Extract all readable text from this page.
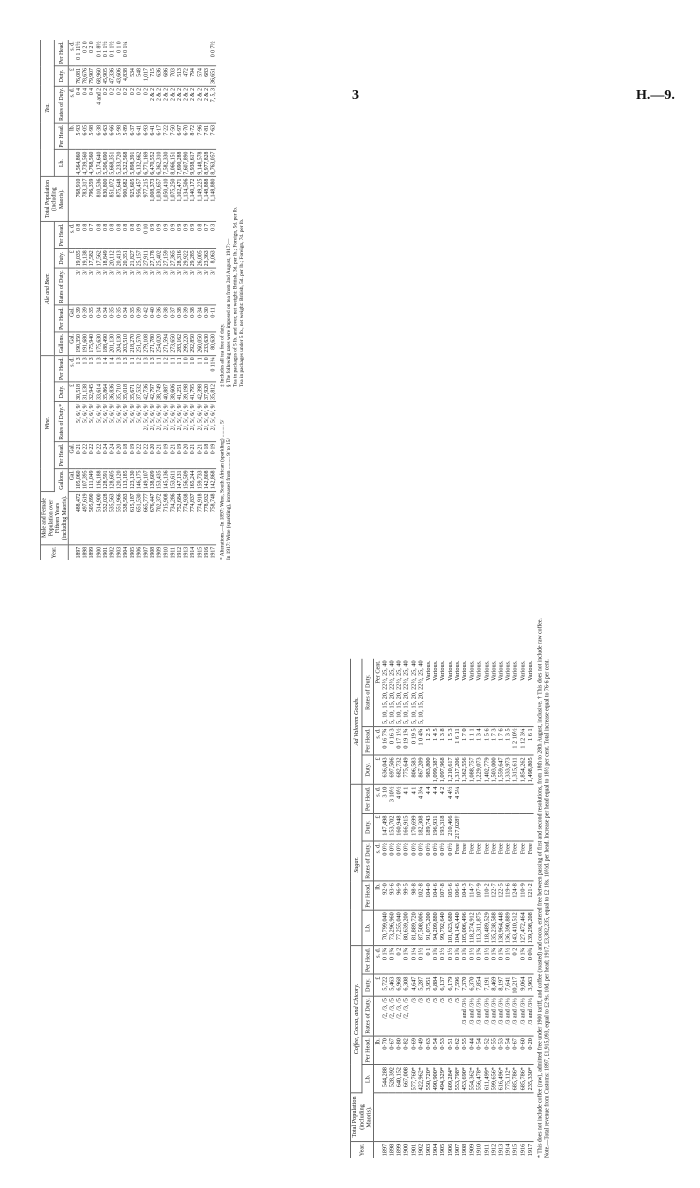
3	H.—9.
Year.	Male and Female Population over Fifteen Years (including Maoris).	Wine.					Ale and Beer.					Total Population (including Maoris).	Tea.				
		Gallons.	Per Head.	Rates of Duty.*	Duty.	Per Head.	Gallons.	Per Head.	Rates of Duty.	Duty.	Per Head.		Lb.	Per Head.	Rates of Duty.	Duty.	Per Head.
		Gal.	Gal.		£	s. d.	Gal.	Gal.		£	s. d.			lb.	s. d.	£	s. d.
1897	488,472	105,060	0·21	5/, 6/, 9/	30,518	1 3	190,350	0·39	3/	19,035	0 8	768,910	4,564,860	5·93	0 4	76,081	0 1 11½
1898	497,619	107,395	0·22	5/, 6/, 9/	31,138	1 3	191,680	0·39	3/	19,138	0 8	783,317	4,739,560	6·05	0 4	78,676	0 2 0
1899	505,890	111,049	0·22	5/, 6/, 9/	32,945	1 3	175,940	0·35	3/	17,582	0 7	796,359	4,768,560	5·98	0 4	79,907	0 2 0
1900	514,900	116,188	0·22	5/, 6/, 9/	33,614	1 3	175,630	0·34	3/	17,562	0 8	810,536	5,174,640	6·38	4 and 2	68,960	0 1 8½
1901	532,028	128,591	0·24	5/, 6/, 9/	35,864	1 4	188,490	0·34	3/	18,849	0 8	830,800	5,506,690	6·63	0 2	45,905	0 1 1½
1902	535,563	128,605	0·24	5/, 6/, 9/	36,836	1 4	201,130	0·35	3/	20,112	0 8	851,072	5,668,351	6·66	0 2	47,336	0 1 1½
1903	551,966	120,120	0·20	5/, 6/, 9/	35,710	1 3	204,130	0·35	3/	20,413	0 8	875,648	5,233,720	5·98	0 2	43,606	0 1 0
1904	538,583	113,185	0·18	5/, 6/, 9/	35,018	1 3	203,510	0·34	3/	20,351	0 8	900,682	5,322,568	5·89	0 2	4,838	0 0 1¼
1905	615,187	123,130	0·19	5/, 6/, 9/	35,671	1 1	218,270	0·35	3/	21,827	0 8	925,605	5,898,391	6·37	0 2	534	
1906	651,530	146,175	0·22	5/, 6/, 9/	37,532	1 2	251,570	0·39	3/	25,157	0 9	956,457	6,132,662	6·41	0 2	548	
1907	665,777	149,107	0·22	2/, 5/, 6/, 9/	42,736	1 3	279,108	0·42	3/	27,911	0 10	977,215	6,771,169	6·93	0 2	1,017	
1908	676,447	138,609	0·20	2/, 5/, 6/, 9/	42,797	1 3	271,780	0·40	3/	27,178	0 9	1,008,373	6,470,552	6·41	2 & 2	715	
1909	702,372	153,435	0·21	2/, 5/, 6/, 9/	38,749	1 1	254,020	0·36	3/	25,402	0 9	1,030,657	6,362,310	6·17	2 & 2	636	
1910	715,908	145,136	0·19	2/, 5/, 6/, 9/	40,887	1 2	271,594	0·38	3/	27,159	0 9	1,050,410	7,582,330	7·22	2 & 2	686	
1911	734,286	153,611	0·21	2/, 5/, 6/, 9/	38,606	1 1	273,650	0·37	3/	27,365	0 9	1,075,250	8,066,151	7·50	2 & 2	703	
1912	752,684	147,131	0·19	2/, 5/, 6/, 9/	41,251	1 1	283,162	0·38	3/	28,316	0 9	1,102,471	7,690,288	6·97	2 & 2	513	
1913	774,938	156,509	0·20	2/, 5/, 6/, 9/	39,198	1 0	299,220	0·39	3/	29,922	0 9	1,134,506	7,607,890	6·70	2 & 2	472	
1914	774,837	165,244	0·21	2/, 5/, 6/, 9/	41,795	1 0	292,850	0·38	3/	29,285	0 9	1,140,172	9,938,617	8·72	2 & 2	794	
1915	774,918	159,733	0·21	2/, 5/, 6/, 9/	42,398	1 1	260,050	0·34	3/	26,005	0 8	1,149,225	9,148,578	7·96	2 & 2	574	
1916	778,932	142,808	0·18	2/, 5/, 6/, 9/	37,920	1 0	233,630	0·30	3/	23,363	0 7	1,148,888	8,977,828	7·81	2 & 2	683	
1917	758,748	142,868	0·19	2/, 5/, 6/, 9/	35,812	0 11¼	80,630	0·11	3/	8,063	0 3	1,148,880	8,763,057	7·63	7, 5, 3	36,651	0 0 7½
* Alterations.—In 1897: Wine, South African (sparkling) ......... 5/ In 1917: Wine (sparkling), increased from ......... 9/ to 15/
‡ Includes all tea free of duty. § The following rates were imposed on tea from 2nd August, 1917:— Tea in packages of 5 lb. and over, net weight: British, 3d. per lb.; Foreign, 5d. per lb. Tea in packages under 5 lb., net weight: British, 5d. per lb.; Foreign, 7d. per lb.
Year.	Total Population (including Maoris).	Coffee, Cocoa, and Chicory.					Sugar.					Ad Valorem Goods.		
		Lb.	Per Head.	Rates of Duty.	Duty.	Per Head.	Lb.	Per Head.	Rates of Duty.	Duty.	Per Head.	Duty.	Per Head.	Rates of Duty.
			lb.		£	s. d.		lb.	s. d.	£	s. d.	£	s. d.	Per Cent.
1897		544,288	0·70	/2, /3, /5	5,722	0 1¾	70,799,040	92·0	0 0½	147,498	3 10	636,043	0 16 7¾	5, 10, 15, 20, 22½, 25, 40
1898		528,392	0·67	/2, /3, /5	5,463	0 1¾	73,296,960	93·6	0 0½	153,702	3 10½	697,506	0 16 3	5, 10, 15, 20, 22½, 25, 40
1899		640,152	0·80	/2, /3, /5	6,968	0 2	77,255,040	96·9	0 0½	160,948	4 0½	682,732	0 17 1½	5, 10, 15, 20, 22½, 25, 40
1900		667,008	0·82	/2, /3, /5	6,308	0 1¾	80,639,200	99·5	0 0½	166,915	4 1	775,649	0 19 1¾	5, 10, 15, 20, 22½, 25, 40
1901		577,760*	0·69	/3	4,647	0 1¼	81,889,720	98·8	0 0½	170,699	4 1	806,583	0 19 5	5, 10, 15, 20, 22½, 25, 40
1902		422,962*	0·49	/3	5,287	0 1½	87,508,006	102·8	0 0½	182,308	4 3¼	867,209	1 0 4¾	5, 10, 15, 20, 22½, 25, 40
1903		550,720*	0·63	/3	3,951	0 1	91,075,200	104·0	0 0½	189,743	4 4	983,800	1 2 5	Various.
1904		490,900*	0·54	/3	6,884	0 1¾	94,209,880	104·6	0 0½	196,931	4 4	1,099,387	1 4 5	Various.
1905		494,329*	0·53	/3	6,137	0 1½	99,792,640	107·8	0 0½	193,318	4 2	1,097,968	1 3 8	Various.
1906		609,284*	0·51	/3	6,179	0 1½	101,623,680	105·6	0 0½	210,466	4 4½	1,210,617	1 5 3	Various.
1907		553,798*	0·62	/3	7,596	0 1¾	104,143,440	106·6	Free	217,028†	4 5¼	1,317,206	1 6 11	Various.
1908		453,690*	0·55	/3 and /3⅓	7,370	0 1¾	105,006,496	104·3	Free			1,362,556	1 7 0	Various.
1909		554,362*	0·44	/3 and /3⅓	6,370	0 1½	118,274,912	114·7	Free			1,088,757	1 1 1	Various.
1910		556,478*	0·54	/3 and /3⅓	7,854	0 1¾	113,311,875	107·9	Free			1,229,073	1 3 4	Various.
1911		611,499*	0·52	/3 and /3⅓	7,191	0 1½	118,489,529	110·2	Free			1,402,779	1 5 6	Various.
1912		599,656*	0·55	/3 and /3⅓	8,469	0 1¾	135,238,588	122·7	Free			1,503,000	1 7 3	Various.
1913		616,496*	0·53	/3 and /3⅓	8,197	0 1¾	138,964,448	122·5	Free			1,559,647	1 7 6	Various.
1914		775,112*	0·54	/3 and /3⅓	7,641	0 1½	136,390,889	119·6	Free			1,333,973	1 3 5	Various.
1915		685,786*	0·67	/3 and /3⅓	10,217	0 2	143,410,512	124·8	Free			1,315,611	1 2 10½	Various.
1916		685,786*	0·60	/3 and /3⅓	9,064	0 1¾	127,472,464	110·9	Free			1,854,262	1 12 3¼	Various.
1917		235,330*	0·20	/3 and /3⅓	3,963	0 0¾	139,298,208	121·2	Free			1,498,805	1 6 1	Various. * This does not include coffee (raw), admitted free under 1900 tariff, and coffee (roasted) and cocoa, entered free between passing of first and second resolutions, from 18th to 28th August, inclusive. † This does not include raw coffee. Note.—Total revenue from Customs: 1897, £1,915,093, equal to £2 9s. 10d. per head; 1917, £3,382,235, equal to £2 18s. 10½d. per head. Increase per head equal to 18½ per cent. Total increase equal to 76·6 per cent.
